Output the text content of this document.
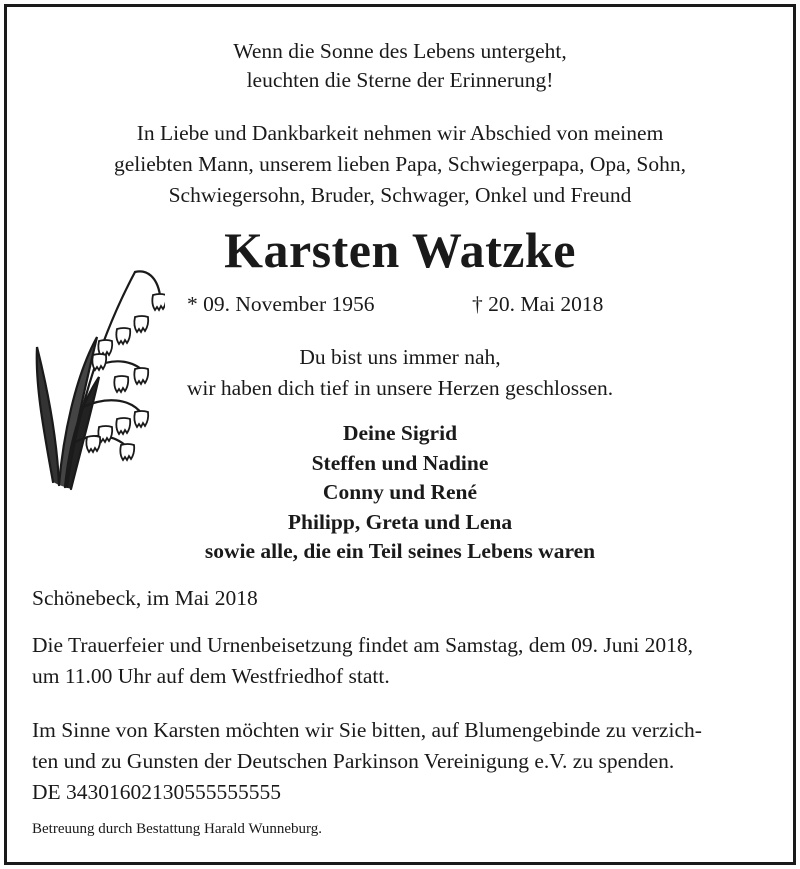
Wenn die Sonne des Lebens untergeht,
leuchten die Sterne der Erinnerung!
In Liebe und Dankbarkeit nehmen wir Abschied von meinem
geliebten Mann, unserem lieben Papa, Schwiegerpapa, Opa, Sohn,
Schwiegersohn, Bruder, Schwager, Onkel und Freund
Karsten Watzke
* 09. November 1956	† 20. Mai 2018
Du bist uns immer nah,
wir haben dich tief in unsere Herzen geschlossen.
Deine Sigrid
Steffen und Nadine
Conny und René
Philipp, Greta und Lena
sowie alle, die ein Teil seines Lebens waren
Schönebeck, im Mai 2018
Die Trauerfeier und Urnenbeisetzung findet am Samstag, dem 09. Juni 2018,
um 11.00 Uhr auf dem Westfriedhof statt.
Im Sinne von Karsten möchten wir Sie bitten, auf Blumengebinde zu verzich-
ten und zu Gunsten der Deutschen Parkinson Vereinigung e.V. zu spenden.
DE 34301602130555555555
Betreuung durch Bestattung Harald Wunneburg.
